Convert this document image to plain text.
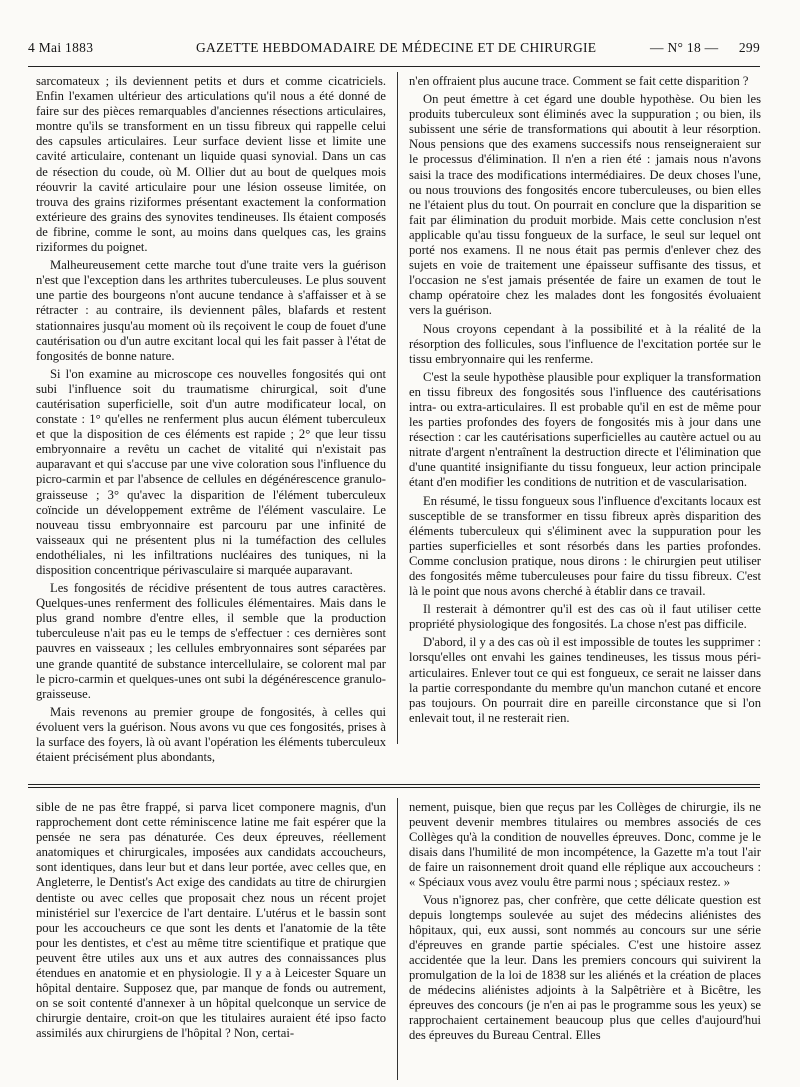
4 Mai 1883	GAZETTE HEBDOMADAIRE DE MÉDECINE ET DE CHIRURGIE	— N° 18 — 299

sarcomateux ; ils deviennent petits et durs et comme cicatriciels. Enfin l'examen ultérieur des articulations qu'il nous a été donné de faire sur des pièces remarquables d'anciennes résections articulaires, montre qu'ils se transforment en un tissu fibreux qui rappelle celui des capsules articulaires. Leur surface devient lisse et limite une cavité articulaire, contenant un liquide quasi synovial. Dans un cas de résection du coude, où M. Ollier dut au bout de quelques mois réouvrir la cavité articulaire pour une lésion osseuse limitée, on trouva des grains riziformes présentant exactement la conformation extérieure des grains des synovites tendineuses. Ils étaient composés de fibrine, comme le sont, au moins dans quelques cas, les grains riziformes du poignet.

Malheureusement cette marche tout d'une traite vers la guérison n'est que l'exception dans les arthrites tuberculeuses. Le plus souvent une partie des bourgeons n'ont aucune tendance à s'affaisser et à se rétracter : au contraire, ils deviennent pâles, blafards et restent stationnaires jusqu'au moment où ils reçoivent le coup de fouet d'une cautérisation ou d'un autre excitant local qui les fait passer à l'état de fongosités de bonne nature.

Si l'on examine au microscope ces nouvelles fongosités qui ont subi l'influence soit du traumatisme chirurgical, soit d'une cautérisation superficielle, soit d'un autre modificateur local, on constate : 1° qu'elles ne renferment plus aucun élément tuberculeux et que la disposition de ces éléments est rapide ; 2° que leur tissu embryonnaire a revêtu un cachet de vitalité qui n'existait pas auparavant et qui s'accuse par une vive coloration sous l'influence du picro-carmin et par l'absence de cellules en dégénérescence granulo-graisseuse ; 3° qu'avec la disparition de l'élément tuberculeux coïncide un développement extrême de l'élément vasculaire. Le nouveau tissu embryonnaire est parcouru par une infinité de vaisseaux qui ne présentent plus ni la tuméfaction des cellules endothéliales, ni les infiltrations nucléaires des tuniques, ni la disposition concentrique périvasculaire si marquée auparavant.

Les fongosités de récidive présentent de tous autres caractères. Quelques-unes renferment des follicules élémentaires. Mais dans le plus grand nombre d'entre elles, il semble que la production tuberculeuse n'ait pas eu le temps de s'effectuer : ces dernières sont pauvres en vaisseaux ; les cellules embryonnaires sont séparées par une grande quantité de substance intercellulaire, se colorent mal par le picro-carmin et quelques-unes ont subi la dégénérescence granulo-graisseuse.

Mais revenons au premier groupe de fongosités, à celles qui évoluent vers la guérison. Nous avons vu que ces fongosités, prises à la surface des foyers, là où avant l'opération les éléments tuberculeux étaient précisément plus abondants,

n'en offraient plus aucune trace. Comment se fait cette disparition ?

On peut émettre à cet égard une double hypothèse. Ou bien les produits tuberculeux sont éliminés avec la suppuration ; ou bien, ils subissent une série de transformations qui aboutit à leur résorption. Nous pensions que des examens successifs nous renseigneraient sur le processus d'élimination. Il n'en a rien été : jamais nous n'avons saisi la trace des modifications intermédiaires. De deux choses l'une, ou nous trouvions des fongosités encore tuberculeuses, ou bien elles ne l'étaient plus du tout. On pourrait en conclure que la disparition se fait par élimination du produit morbide. Mais cette conclusion n'est applicable qu'au tissu fongueux de la surface, le seul sur lequel ont porté nos examens. Il ne nous était pas permis d'enlever chez des sujets en voie de traitement une épaisseur suffisante des tissus, et l'occasion ne s'est jamais présentée de faire un examen de tout le champ opératoire chez les malades dont les fongosités évoluaient vers la guérison.

Nous croyons cependant à la possibilité et à la réalité de la résorption des follicules, sous l'influence de l'excitation portée sur le tissu embryonnaire qui les renferme.

C'est la seule hypothèse plausible pour expliquer la transformation en tissu fibreux des fongosités sous l'influence des cautérisations intra- ou extra-articulaires. Il est probable qu'il en est de même pour les parties profondes des foyers de fongosités mis à jour dans une résection : car les cautérisations superficielles au cautère actuel ou au nitrate d'argent n'entraînent la destruction directe et l'élimination que d'une quantité insignifiante du tissu fongueux, leur action principale étant d'en modifier les conditions de nutrition et de vascularisation.

En résumé, le tissu fongueux sous l'influence d'excitants locaux est susceptible de se transformer en tissu fibreux après disparition des éléments tuberculeux qui s'éliminent avec la suppuration pour les parties superficielles et sont résorbés dans les parties profondes. Comme conclusion pratique, nous dirons : le chirurgien peut utiliser des fongosités même tuberculeuses pour faire du tissu fibreux. C'est là le point que nous avons cherché à établir dans ce travail.

Il resterait à démontrer qu'il est des cas où il faut utiliser cette propriété physiologique des fongosités. La chose n'est pas difficile.

D'abord, il y a des cas où il est impossible de toutes les supprimer : lorsqu'elles ont envahi les gaines tendineuses, les tissus mous péri-articulaires. Enlever tout ce qui est fongueux, ce serait ne laisser dans la partie correspondante du membre qu'un manchon cutané et encore pas toujours. On pourrait dire en pareille circonstance que si l'on enlevait tout, il ne resterait rien.

sible de ne pas être frappé, si parva licet componere magnis, d'un rapprochement dont cette réminiscence latine me fait espérer que la pensée ne sera pas dénaturée. Ces deux épreuves, réellement anatomiques et chirurgicales, imposées aux candidats accoucheurs, sont identiques, dans leur but et dans leur portée, avec celles que, en Angleterre, le Dentist's Act exige des candidats au titre de chirurgien dentiste ou avec celles que proposait chez nous un récent projet ministériel sur l'exercice de l'art dentaire. L'utérus et le bassin sont pour les accoucheurs ce que sont les dents et l'anatomie de la tête pour les dentistes, et c'est au même titre scientifique et pratique que peuvent être utiles aux uns et aux autres des connaissances plus étendues en anatomie et en physiologie. Il y a à Leicester Square un hôpital dentaire. Supposez que, par manque de fonds ou autrement, on se soit contenté d'annexer à un hôpital quelconque un service de chirurgie dentaire, croit-on que les titulaires auraient été ipso facto assimilés aux chirurgiens de l'hôpital ? Non, certai-

nement, puisque, bien que reçus par les Collèges de chirurgie, ils ne peuvent devenir membres titulaires ou membres associés de ces Collèges qu'à la condition de nouvelles épreuves. Donc, comme je le disais dans l'humilité de mon incompétence, la Gazette m'a tout l'air de faire un raisonnement droit quand elle réplique aux accoucheurs : « Spéciaux vous avez voulu être parmi nous ; spéciaux restez. »

Vous n'ignorez pas, cher confrère, que cette délicate question est depuis longtemps soulevée au sujet des médecins aliénistes des hôpitaux, qui, eux aussi, sont nommés au concours sur une série d'épreuves en grande partie spéciales. C'est une histoire assez accidentée que la leur. Dans les premiers concours qui suivirent la promulgation de la loi de 1838 sur les aliénés et la création de places de médecins aliénistes adjoints à la Salpêtrière et à Bicêtre, les épreuves des concours (je n'en ai pas le programme sous les yeux) se rapprochaient certainement beaucoup plus que celles d'aujourd'hui des épreuves du Bureau Central. Elles
